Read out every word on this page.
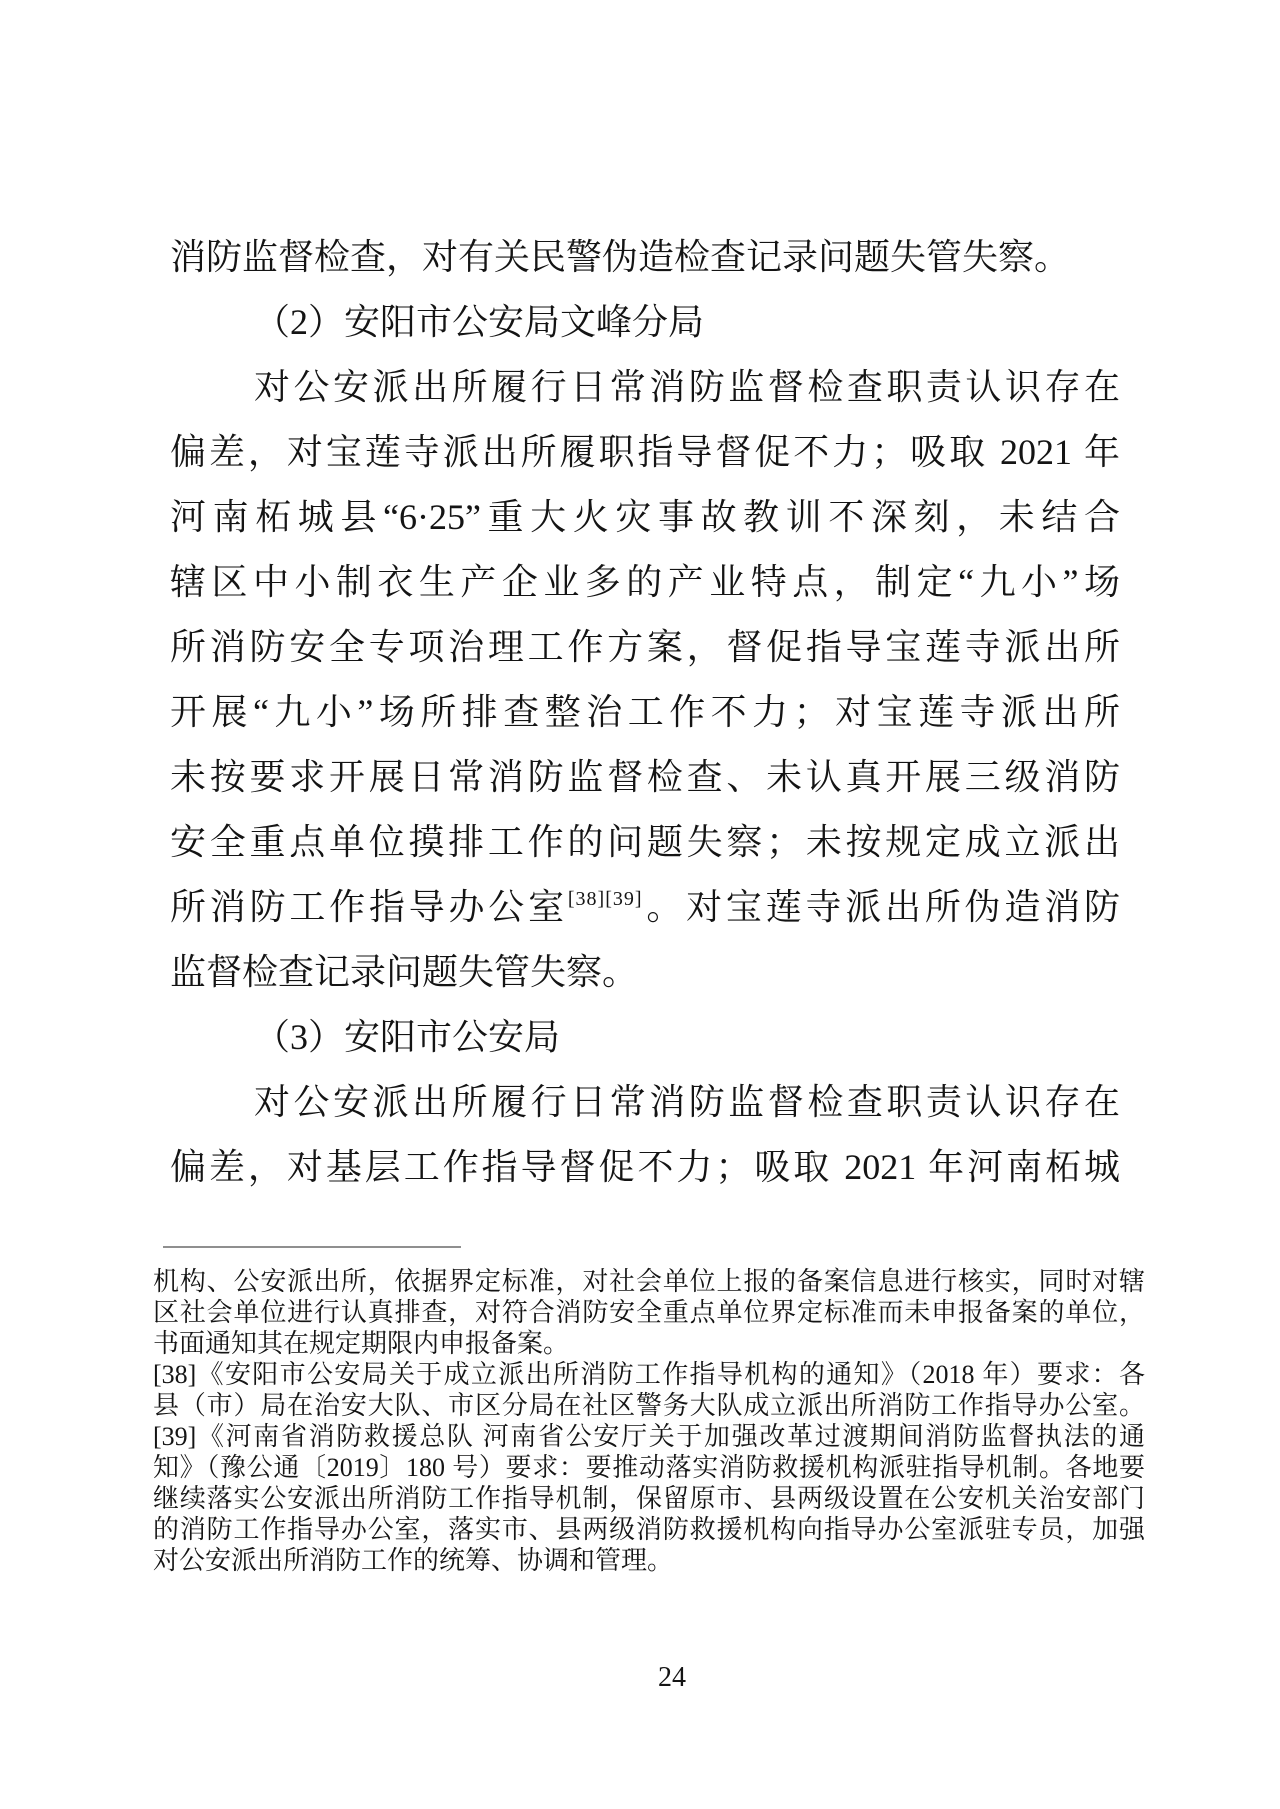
消防监督检查，对有关民警伪造检查记录问题失管失察。
（2）安阳市公安局文峰分局
对公安派出所履行日常消防监督检查职责认识存在
偏差，对宝莲寺派出所履职指导督促不力；吸取 2021 年
河南柘城县“6·25”重大火灾事故教训不深刻，未结合
辖区中小制衣生产企业多的产业特点，制定“九小”场
所消防安全专项治理工作方案，督促指导宝莲寺派出所
开展“九小”场所排查整治工作不力；对宝莲寺派出所
未按要求开展日常消防监督检查、未认真开展三级消防
安全重点单位摸排工作的问题失察；未按规定成立派出
所消防工作指导办公室[38][39]。对宝莲寺派出所伪造消防
监督检查记录问题失管失察。
（3）安阳市公安局
对公安派出所履行日常消防监督检查职责认识存在
偏差，对基层工作指导督促不力；吸取 2021 年河南柘城
机构、公安派出所，依据界定标准，对社会单位上报的备案信息进行核实，同时对辖
区社会单位进行认真排查，对符合消防安全重点单位界定标准而未申报备案的单位，
书面通知其在规定期限内申报备案。
[38]《安阳市公安局关于成立派出所消防工作指导机构的通知》（2018 年）要求：各
县（市）局在治安大队、市区分局在社区警务大队成立派出所消防工作指导办公室。
[39]《河南省消防救援总队 河南省公安厅关于加强改革过渡期间消防监督执法的通
知》（豫公通〔2019〕180 号）要求：要推动落实消防救援机构派驻指导机制。各地要
继续落实公安派出所消防工作指导机制，保留原市、县两级设置在公安机关治安部门
的消防工作指导办公室，落实市、县两级消防救援机构向指导办公室派驻专员，加强
对公安派出所消防工作的统筹、协调和管理。
24
